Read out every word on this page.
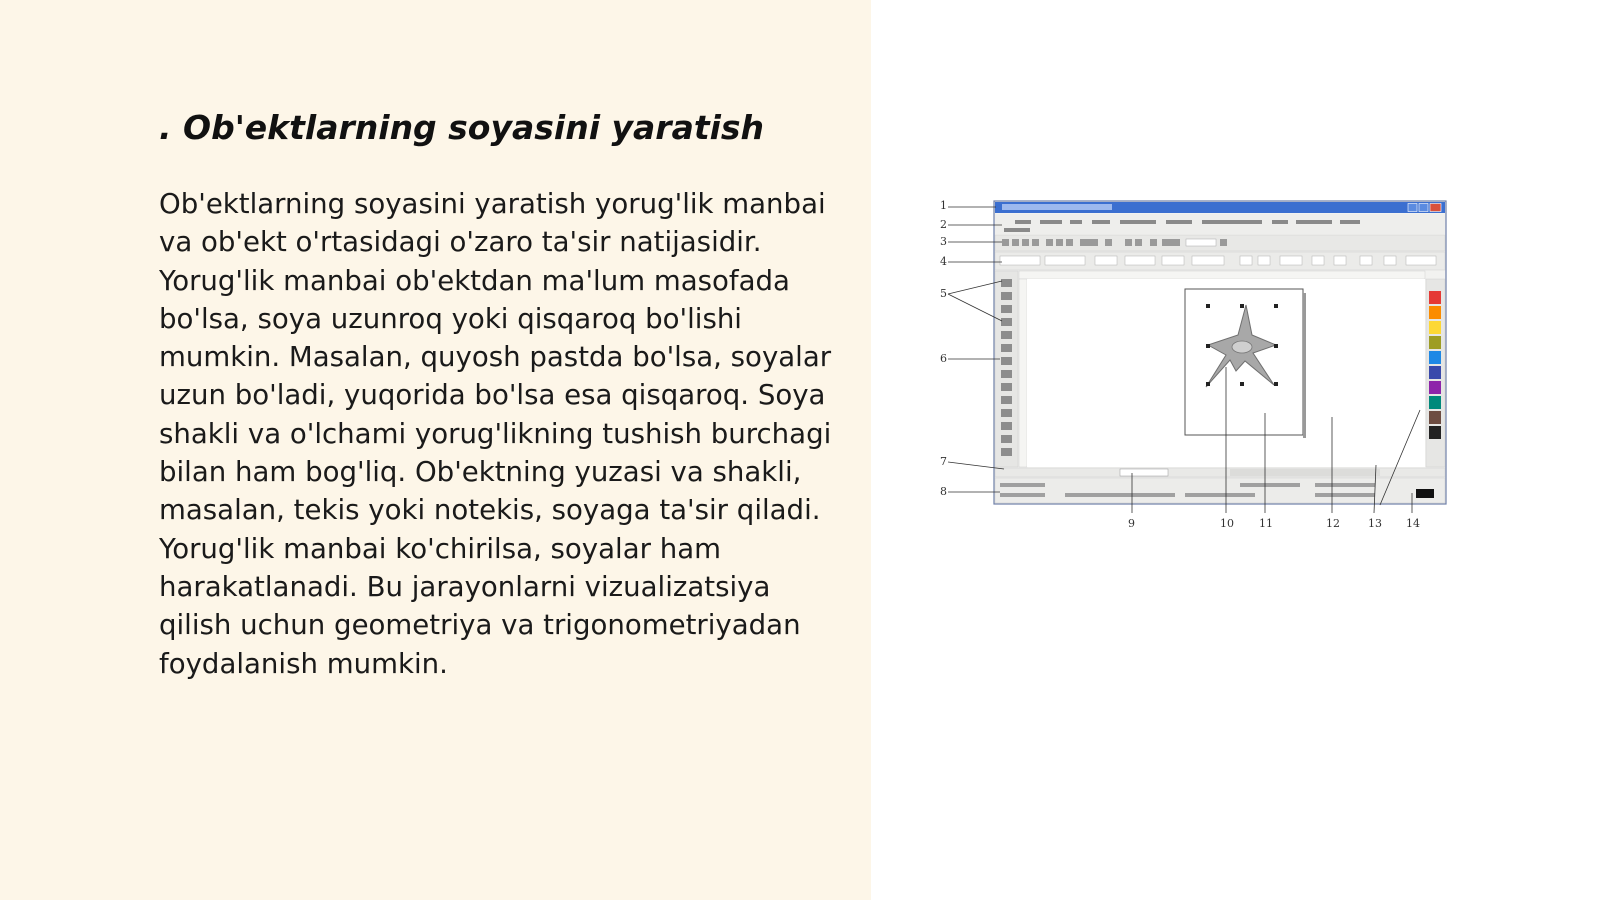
. Ob'ektlarning soyasini yaratish

Ob'ektlarning soyasini yaratish yorug'lik manbai va ob'ekt o'rtasidagi o'zaro ta'sir natijasidir. Yorug'lik manbai ob'ektdan ma'lum masofada bo'lsa, soya uzunroq yoki qisqaroq bo'lishi mumkin. Masalan, quyosh pastda bo'lsa, soyalar uzun bo'ladi, yuqorida bo'lsa esa qisqaroq. Soya shakli va o'lchami yorug'likning tushish burchagi bilan ham bog'liq. Ob'ektning yuzasi va shakli, masalan, tekis yoki notekis, soyaga ta'sir qiladi. Yorug'lik manbai ko'chirilsa, soyalar ham harakatlanadi. Bu jarayonlarni vizualizatsiya qilish uchun geometriya va trigonometriyadan foydalanish mumkin.

1
2
3
4
5
6
7
8
9	10 11	12	13 14
